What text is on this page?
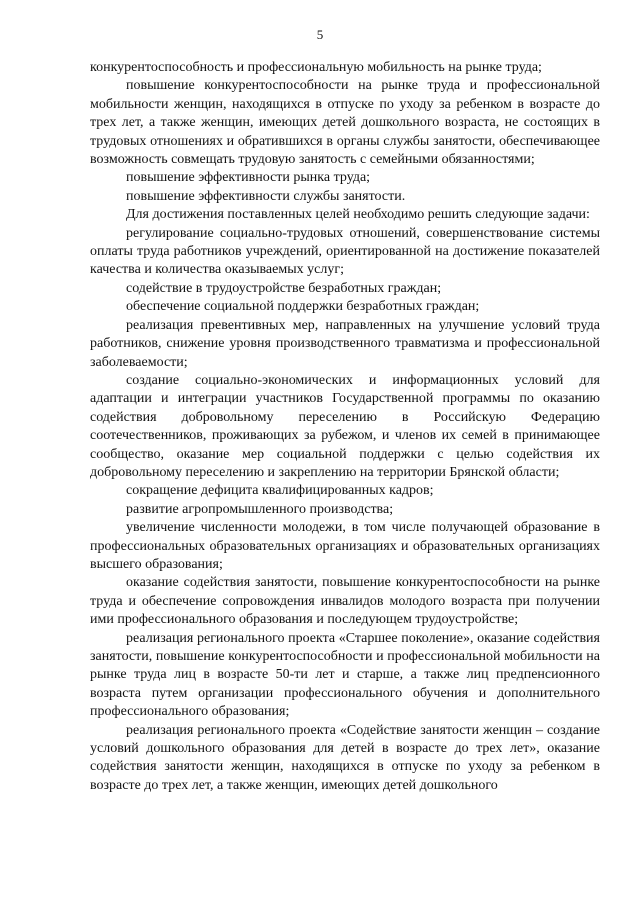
5

конкурентоспособность и профессиональную мобильность на рынке труда;

повышение конкурентоспособности на рынке труда и профессиональной мобильности женщин, находящихся в отпуске по уходу за ребенком в возрасте до трех лет, а также женщин, имеющих детей дошкольного возраста, не состоящих в трудовых отношениях и обратившихся в органы службы занятости, обеспечивающее возможность совмещать трудовую занятость с семейными обязанностями;

повышение эффективности рынка труда;

повышение эффективности службы занятости.

Для достижения поставленных целей необходимо решить следующие задачи:

регулирование социально-трудовых отношений, совершенствование системы оплаты труда работников учреждений, ориентированной на достижение показателей качества и количества оказываемых услуг;

содействие в трудоустройстве безработных граждан;

обеспечение социальной поддержки безработных граждан;

реализация превентивных мер, направленных на улучшение условий труда работников, снижение уровня производственного травматизма и профессиональной заболеваемости;

создание социально-экономических и информационных условий для адаптации и интеграции участников Государственной программы по оказанию содействия добровольному переселению в Российскую Федерацию соотечественников, проживающих за рубежом, и членов их семей в принимающее сообщество, оказание мер социальной поддержки с целью содействия их добровольному переселению и закреплению на территории Брянской области;

сокращение дефицита квалифицированных кадров;

развитие агропромышленного производства;

увеличение численности молодежи, в том числе получающей образование в профессиональных образовательных организациях и образовательных организациях высшего образования;

оказание содействия занятости, повышение конкурентоспособности на рынке труда и обеспечение сопровождения инвалидов молодого возраста при получении ими профессионального образования и последующем трудоустройстве;

реализация регионального проекта «Старшее поколение», оказание содействия занятости, повышение конкурентоспособности и профессиональной мобильности на рынке труда лиц в возрасте 50-ти лет и старше, а также лиц предпенсионного возраста путем организации профессионального обучения и дополнительного профессионального образования;

реализация регионального проекта «Содействие занятости женщин – создание условий дошкольного образования для детей в возрасте до трех лет», оказание содействия занятости женщин, находящихся в отпуске по уходу за ребенком в возрасте до трех лет, а также женщин, имеющих детей дошкольного
